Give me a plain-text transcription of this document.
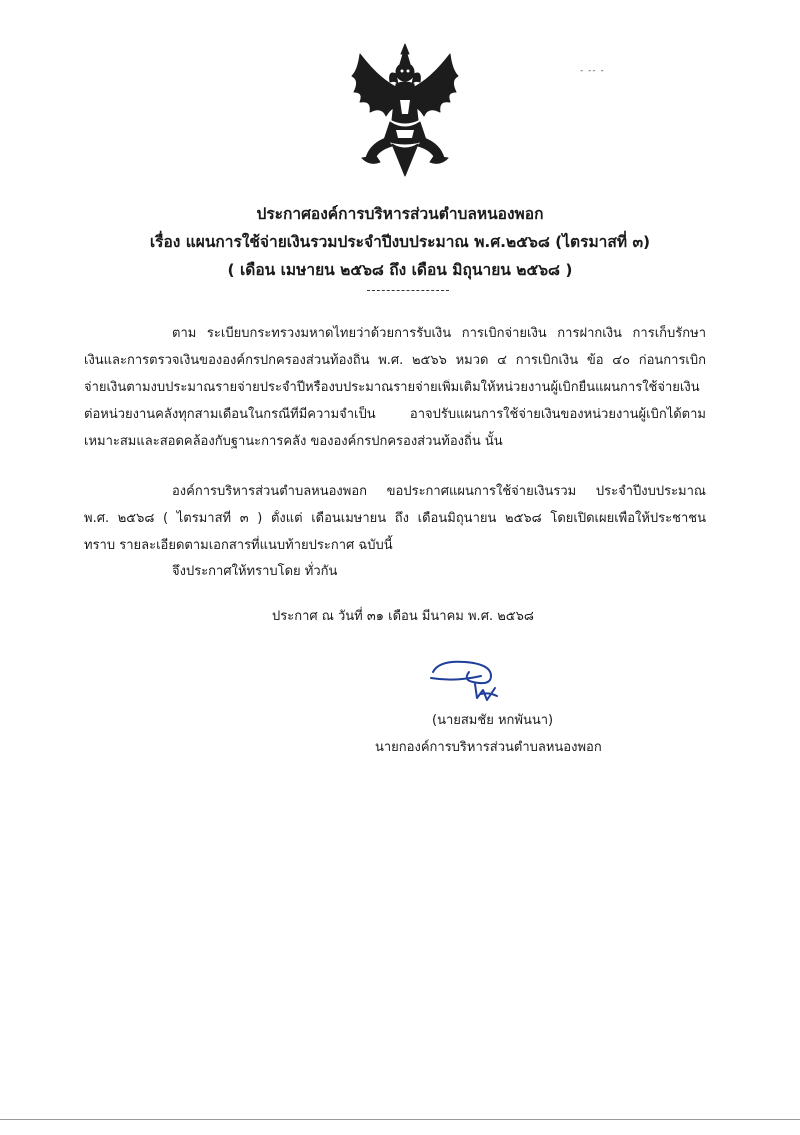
- -- -
ประกาศองค์การบริหารส่วนตำบลหนองพอก
เรื่อง แผนการใช้จ่ายเงินรวมประจำปีงบประมาณ พ.ศ.๒๕๖๘ (ไตรมาสที่ ๓)
( เดือน เมษายน ๒๕๖๘ ถึง เดือน มิถุนายน ๒๕๖๘ )
ตาม ระเบียบกระทรวงมหาดไทยว่าด้วยการรับเงิน การเบิกจ่ายเงิน การฝากเงิน การเก็บรักษา
เงินและการตรวจเงินขององค์กรปกครองส่วนท้องถิ่น พ.ศ. ๒๕๖๖ หมวด ๔ การเบิกเงิน ข้อ ๔๐ ก่อนการเบิก
จ่ายเงินตามงบประมาณรายจ่ายประจำปีหรืองบประมาณรายจ่ายเพิ่มเติมให้หน่วยงานผู้เบิกยื่นแผนการใช้จ่ายเงิน
ต่อหน่วยงานคลังทุกสามเดือนในกรณีที่มีความจำเป็น อาจปรับแผนการใช้จ่ายเงินของหน่วยงานผู้เบิกได้ตาม
เหมาะสมและสอดคล้องกับฐานะการคลัง ขององค์กรปกครองส่วนท้องถิ่น นั้น
องค์การบริหารส่วนตำบลหนองพอก ขอประกาศแผนการใช้จ่ายเงินรวม ประจำปีงบประมาณ
พ.ศ. ๒๕๖๘ ( ไตรมาสที่ ๓ ) ตั้งแต่ เดือนเมษายน ถึง เดือนมิถุนายน ๒๕๖๘ โดยเปิดเผยเพื่อให้ประชาชน
ทราบ รายละเอียดตามเอกสารที่แนบท้ายประกาศ ฉบับนี้
จึงประกาศให้ทราบโดย ทั่วกัน
ประกาศ ณ วันที่ ๓๑ เดือน มีนาคม พ.ศ. ๒๕๖๘
(นายสมชัย หกพันนา)
นายกองค์การบริหารส่วนตำบลหนองพอก
